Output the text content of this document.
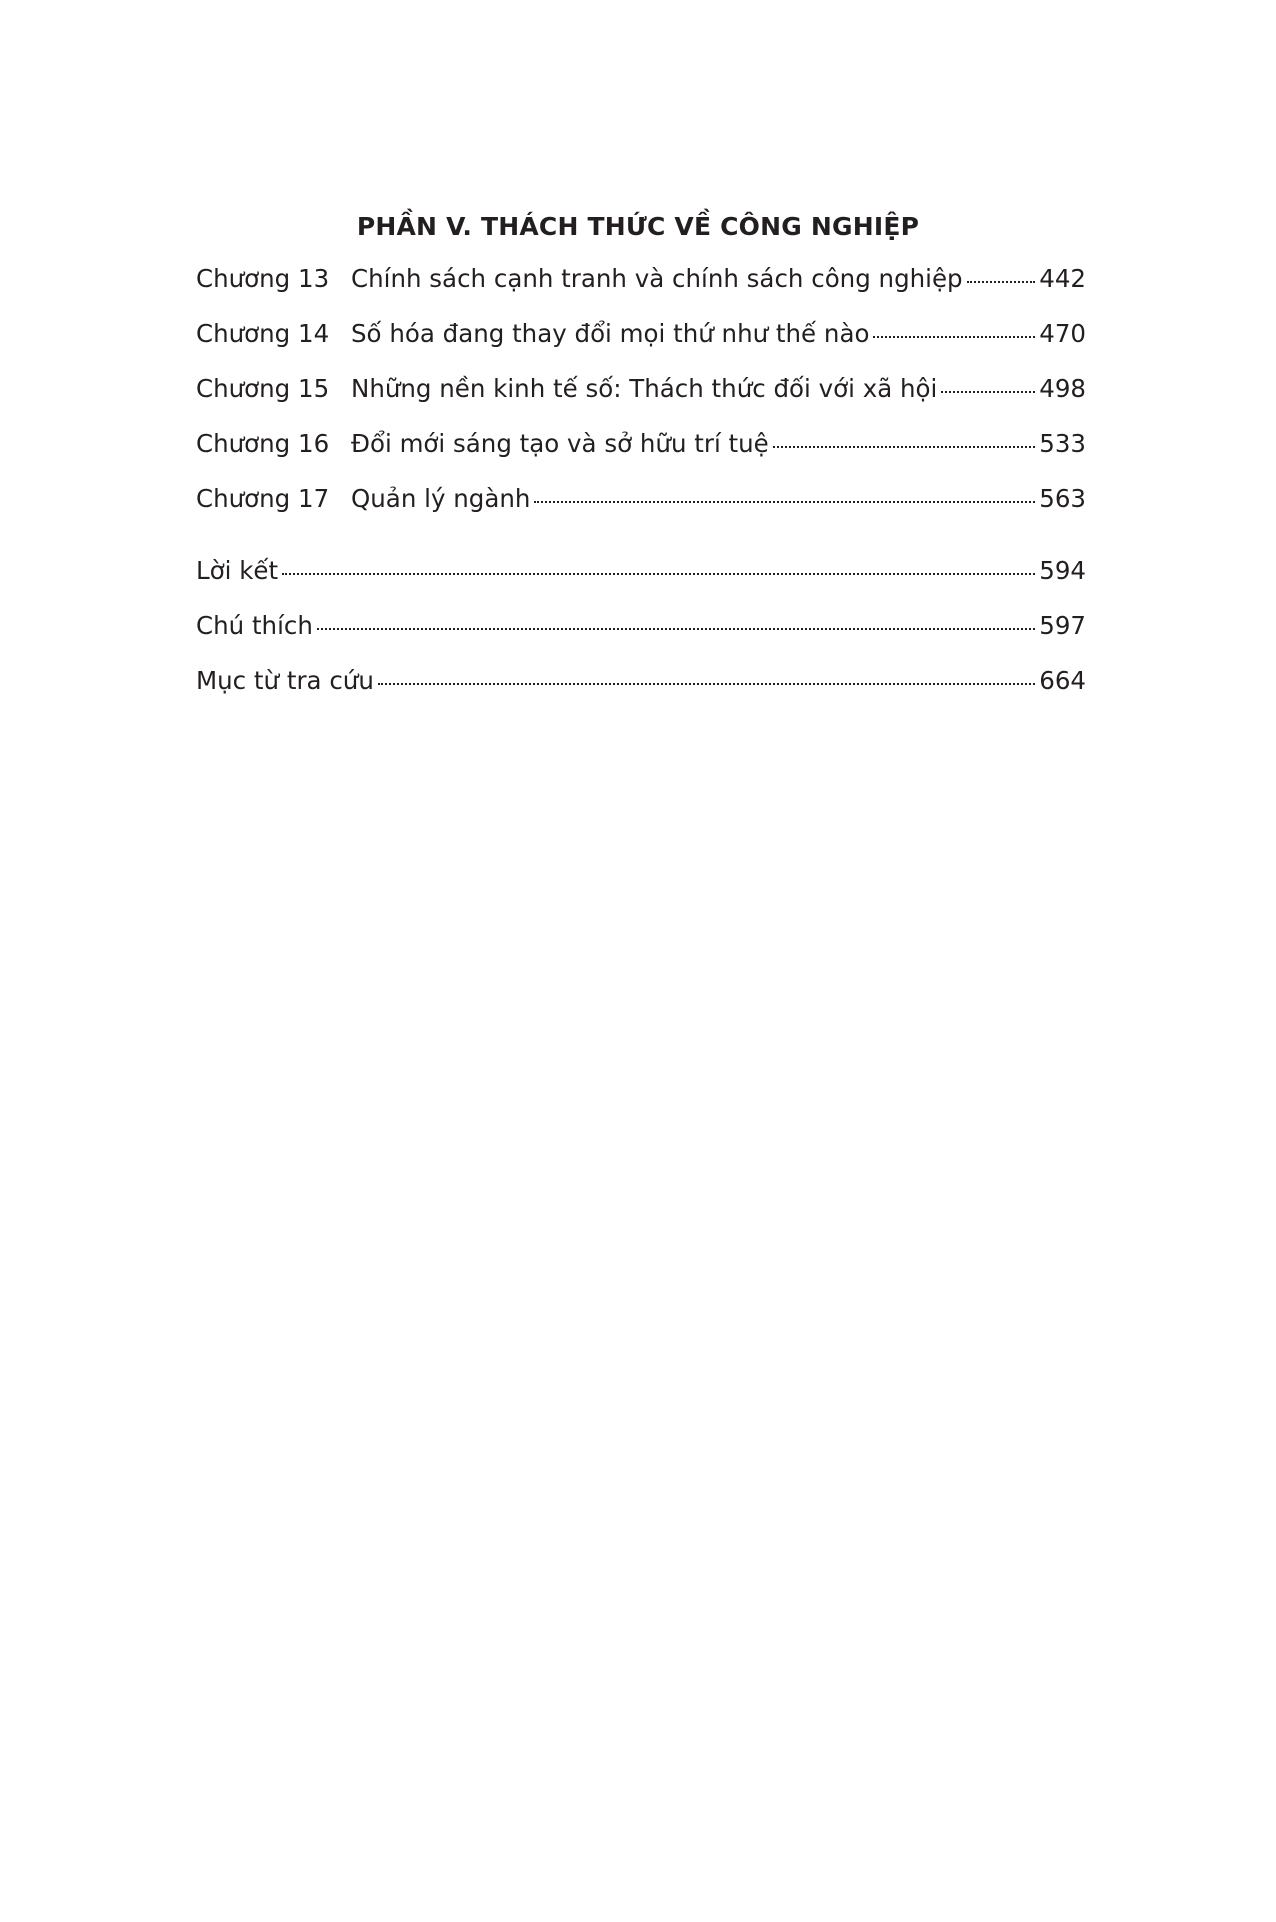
PHẦN V. THÁCH THỨC VỀ CÔNG NGHIỆP
Chương 13 Chính sách cạnh tranh và chính sách công nghiệp	442
Chương 14 Số hóa đang thay đổi mọi thứ như thế nào	470
Chương 15 Những nền kinh tế số: Thách thức đối với xã hội	498
Chương 16 Đổi mới sáng tạo và sở hữu trí tuệ	533
Chương 17 Quản lý ngành	563
Lời kết	594
Chú thích	597
Mục từ tra cứu	664
